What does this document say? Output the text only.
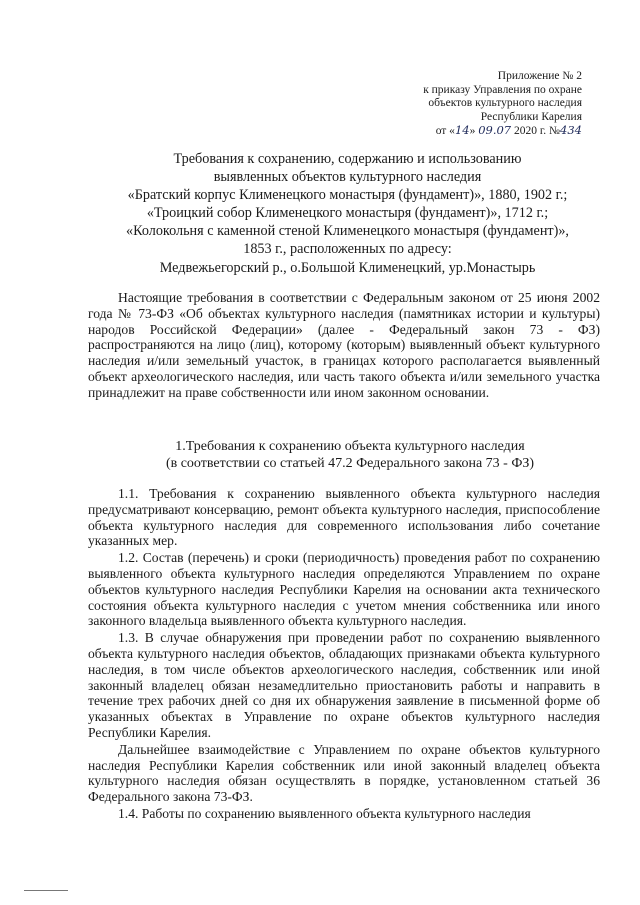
Приложение № 2
к приказу Управления по охране
объектов культурного наследия
Республики Карелия
от «14» 09.07 2020 г. №434
Требования к сохранению, содержанию и использованию
выявленных объектов культурного наследия
«Братский корпус Клименецкого монастыря (фундамент)», 1880, 1902 г.;
«Троицкий собор Клименецкого монастыря (фундамент)», 1712 г.;
«Колокольня с каменной стеной Клименецкого монастыря (фундамент)»,
1853 г., расположенных по адресу:
Медвежьегорский р., о.Большой Клименецкий, ур.Монастырь

Настоящие требования в соответствии с Федеральным законом от 25 июня 2002 года № 73-ФЗ «Об объектах культурного наследия (памятниках истории и культуры) народов Российской Федерации» (далее - Федеральный закон 73 - ФЗ) распространяются на лицо (лиц), которому (которым) выявленный объект культурного наследия и/или земельный участок, в границах которого располагается выявленный объект археологического наследия, или часть такого объекта и/или земельного участка принадлежит на праве собственности или ином законном основании.

1.Требования к сохранению объекта культурного наследия
(в соответствии со статьей 47.2 Федерального закона 73 - ФЗ)

1.1. Требования к сохранению выявленного объекта культурного наследия предусматривают консервацию, ремонт объекта культурного наследия, приспособление объекта культурного наследия для современного использования либо сочетание указанных мер.

1.2. Состав (перечень) и сроки (периодичность) проведения работ по сохранению выявленного объекта культурного наследия определяются Управлением по охране объектов культурного наследия Республики Карелия на основании акта технического состояния объекта культурного наследия с учетом мнения собственника или иного законного владельца выявленного объекта культурного наследия.

1.3. В случае обнаружения при проведении работ по сохранению выявленного объекта культурного наследия объектов, обладающих признаками объекта культурного наследия, в том числе объектов археологического наследия, собственник или иной законный владелец обязан незамедлительно приостановить работы и направить в течение трех рабочих дней со дня их обнаружения заявление в письменной форме об указанных объектах в Управление по охране объектов культурного наследия Республики Карелия.

Дальнейшее взаимодействие с Управлением по охране объектов культурного наследия Республики Карелия собственник или иной законный владелец объекта культурного наследия обязан осуществлять в порядке, установленном статьей 36 Федерального закона 73-ФЗ.

1.4. Работы по сохранению выявленного объекта культурного наследия
